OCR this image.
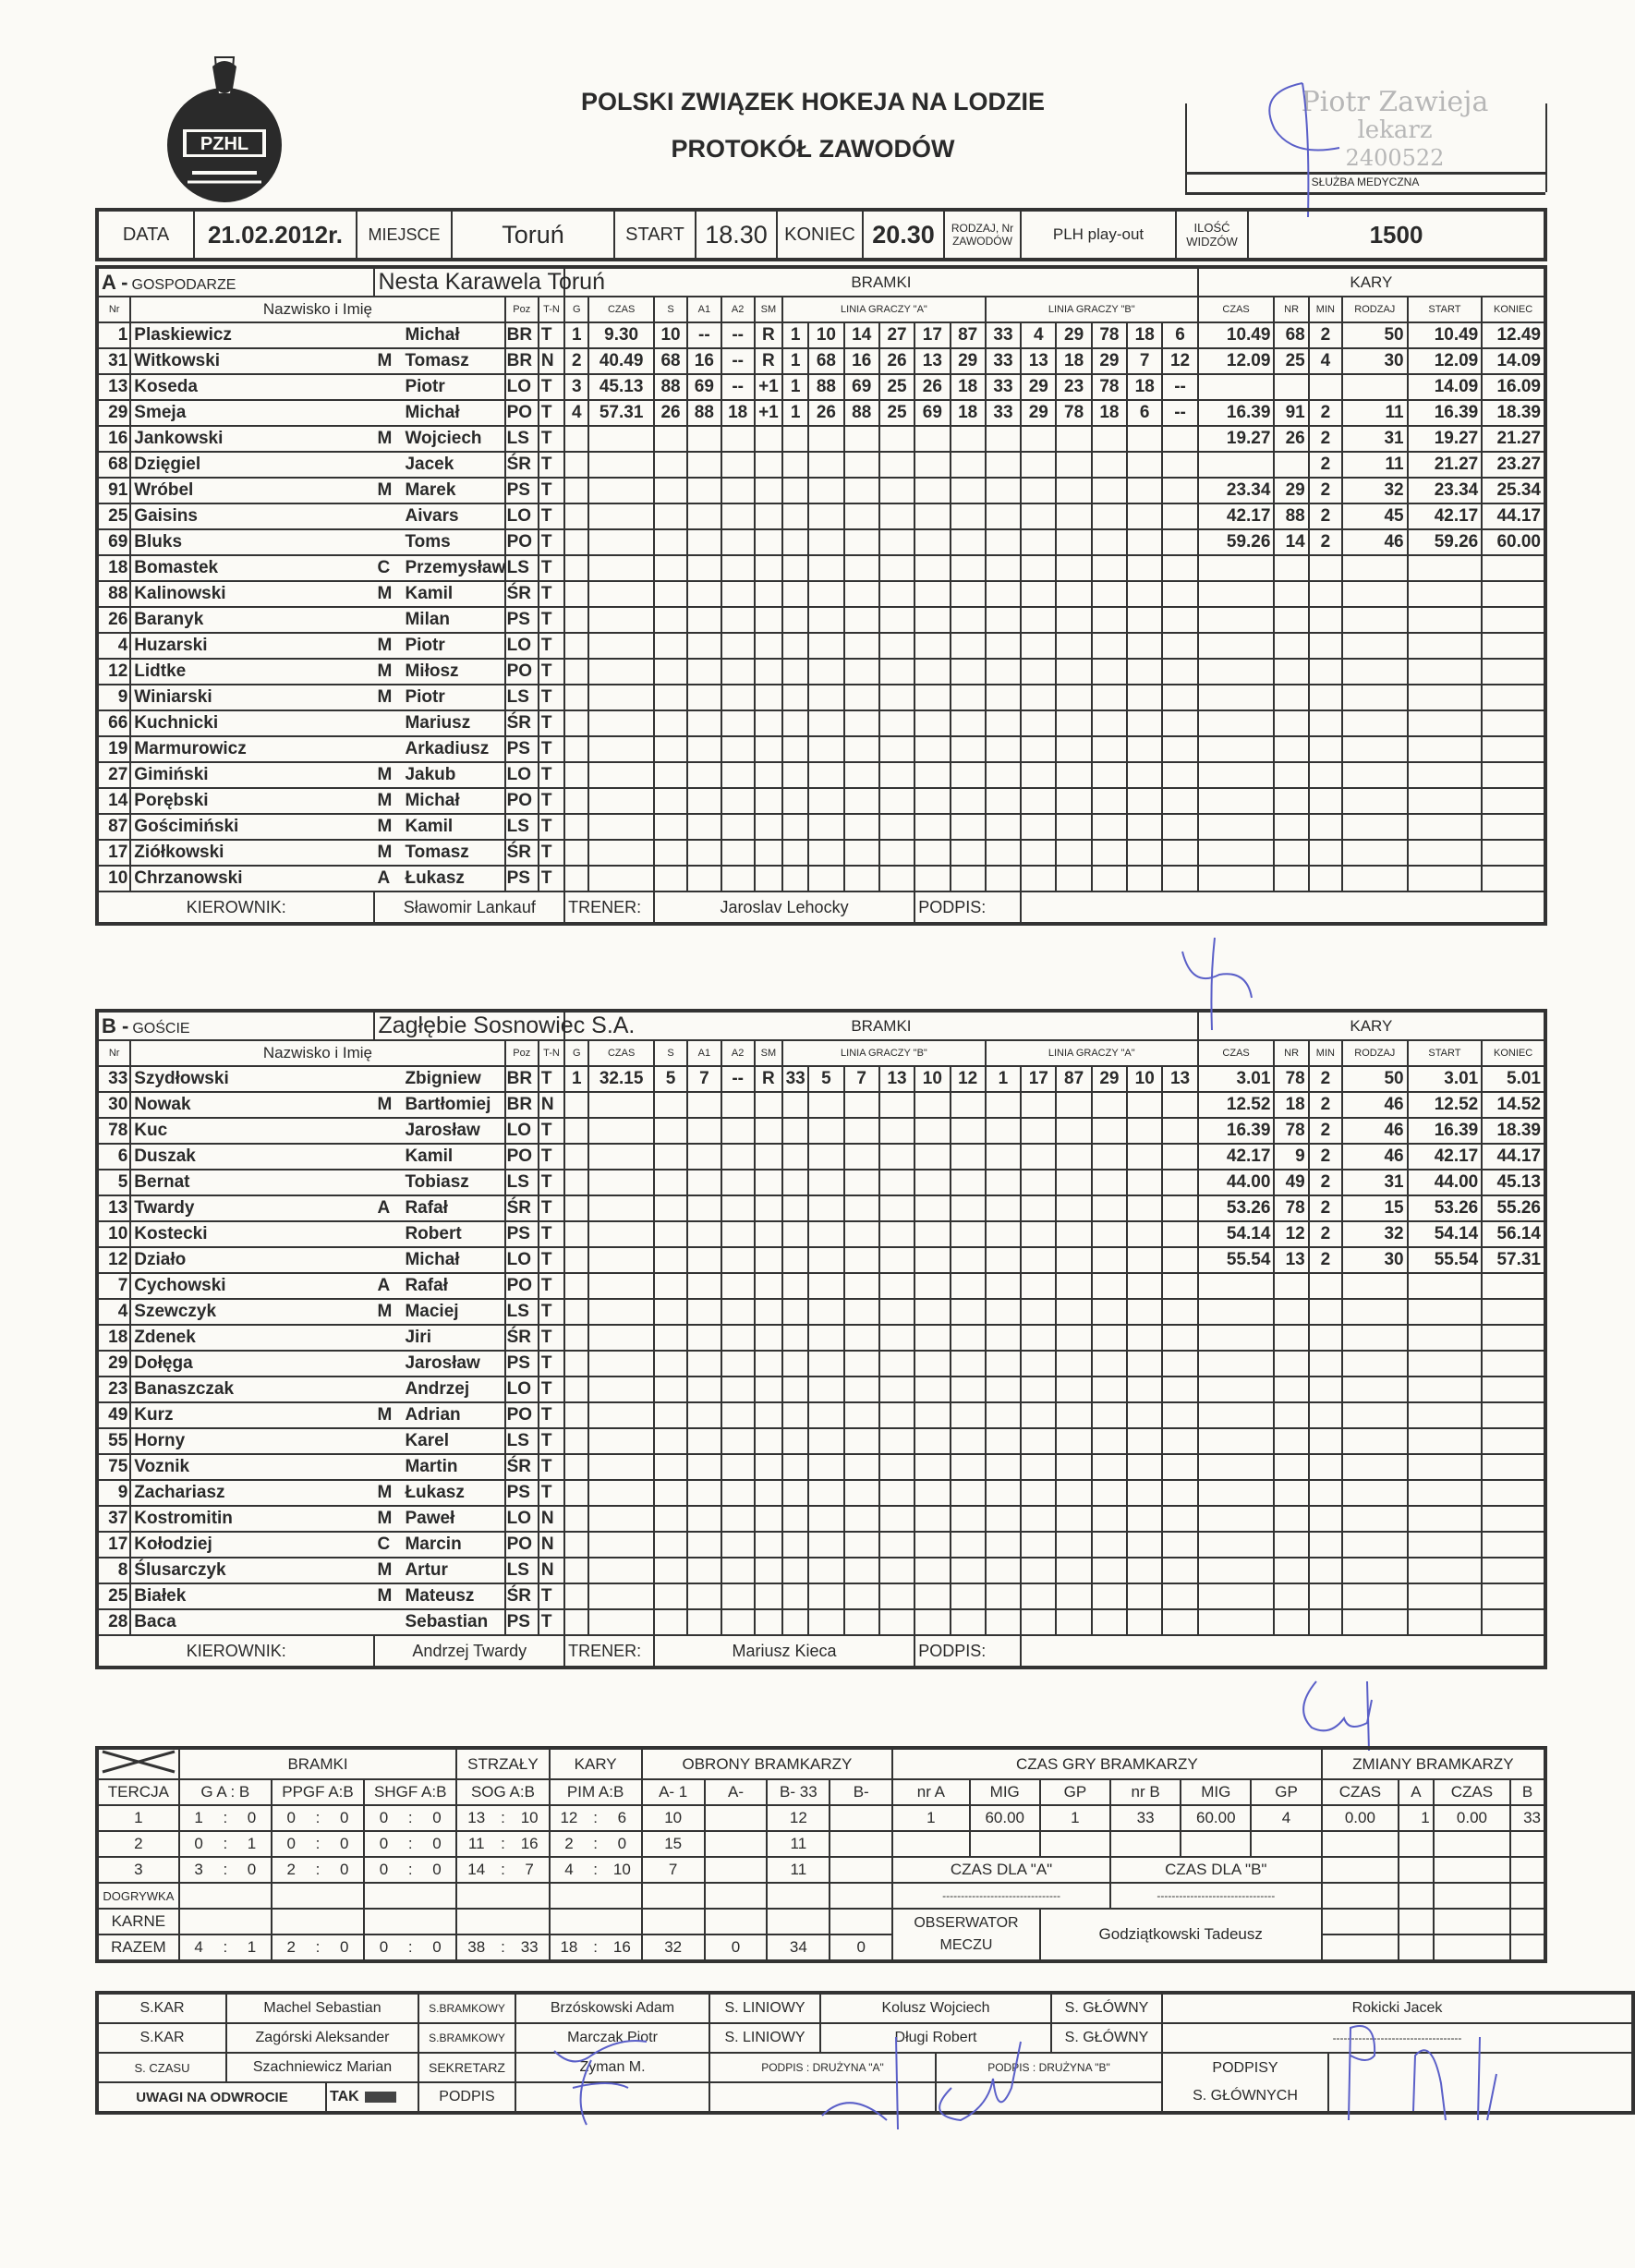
PZHL
POLSKI ZWIĄZEK HOKEJA NA LODZIE
PROTOKÓŁ ZAWODÓW
Piotr Zawieja
lekarz
2400522
SŁUŻBA MEDYCZNA
DATA	21.02.2012r.	MIEJSCE	Toruń	START	18.30	KONIEC	20.30	RODZAJ, Nr ZAWODÓW	PLH play-out	ILOŚĆ WIDZÓW	1500
A - GOSPODARZE		Nesta Karawela Toruń			BRAMKI																		KARY					
Nr	Nazwisko i Imię		Poz	T-N	G	CZAS	S	A1	A2	SM	LINIA GRACZY "A"						LINIA GRACZY "B"						CZAS	NR	MIN	RODZAJ	START	KONIEC
1	Plaskiewicz	Michał	BR	T	1	9.30	10	--	--	R	1	10	14	27	17	87	33	4	29	78	18	6	10.49	68	2	50	10.49	12.49
31	Witkowski	M Tomasz	BR	N	2	40.49	68	16	--	R	1	68	16	26	13	29	33	13	18	29	7	12	12.09	25	4	30	12.09	14.09
13	Koseda	Piotr	LO	T	3	45.13	88	69	--	+1	1	88	69	25	26	18	33	29	23	78	18	--					14.09	16.09
29	Smeja	Michał	PO	T	4	57.31	26	88	18	+1	1	26	88	25	69	18	33	29	78	18	6	--	16.39	91	2	11	16.39	18.39
16	Jankowski	M Wojciech	LS	T																			19.27	26	2	31	19.27	21.27
68	Dzięgiel	Jacek	ŚR	T																					2	11	21.27	23.27
91	Wróbel	M Marek	PS	T																			23.34	29	2	32	23.34	25.34
25	Gaisins	Aivars	LO	T																			42.17	88	2	45	42.17	44.17
69	Bluks	Toms	PO	T																			59.26	14	2	46	59.26	60.00
18	Bomastek	C Przemysław	LS	T																								
88	Kalinowski	M Kamil	ŚR	T																								
26	Baranyk	Milan	PS	T																								
4	Huzarski	M Piotr	LO	T																								
12	Lidtke	M Miłosz	PO	T																								
9	Winiarski	M Piotr	LS	T																								
66	Kuchnicki	Mariusz	ŚR	T																								
19	Marmurowicz	Arkadiusz	PS	T																								
27	Gimiński	M Jakub	LO	T																								
14	Porębski	M Michał	PO	T																								
87	Gościmiński	M Kamil	LS	T																								
17	Ziółkowski	M Tomasz	ŚR	T																								
10	Chrzanowski	A Łukasz	PS	T																								
KIEROWNIK:		Sławomir Lankauf			TRENER:		Jaroslav Lehocky								PODPIS:													
B - GOŚCIE		Zagłębie Sosnowiec S.A.			BRAMKI																		KARY					
Nr	Nazwisko i Imię		Poz	T-N	G	CZAS	S	A1	A2	SM	LINIA GRACZY "B"						LINIA GRACZY "A"						CZAS	NR	MIN	RODZAJ	START	KONIEC
33	Szydłowski	Zbigniew	BR	T	1	32.15	5	7	--	R	33	5	7	13	10	12	1	17	87	29	10	13	3.01	78	2	50	3.01	5.01
30	Nowak	M Bartłomiej	BR	N																			12.52	18	2	46	12.52	14.52
78	Kuc	Jarosław	LO	T																			16.39	78	2	46	16.39	18.39
6	Duszak	Kamil	PO	T																			42.17	9	2	46	42.17	44.17
5	Bernat	Tobiasz	LS	T																			44.00	49	2	31	44.00	45.13
13	Twardy	A Rafał	ŚR	T																			53.26	78	2	15	53.26	55.26
10	Kostecki	Robert	PS	T																			54.14	12	2	32	54.14	56.14
12	Działo	Michał	LO	T																			55.54	13	2	30	55.54	57.31
7	Cychowski	A Rafał	PO	T																								
4	Szewczyk	M Maciej	LS	T																								
18	Zdenek	Jiri	ŚR	T																								
29	Dołęga	Jarosław	PS	T																								
23	Banaszczak	Andrzej	LO	T																								
49	Kurz	M Adrian	PO	T																								
55	Horny	Karel	LS	T																								
75	Voznik	Martin	ŚR	T																								
9	Zachariasz	M Łukasz	PS	T																								
37	Kostromitin	M Paweł	LO	N																								
17	Kołodziej	C Marcin	PO	N																								
8	Ślusarczyk	M Artur	LS	N																								
25	Białek	M Mateusz	ŚR	T																								
28	Baca	Sebastian	PS	T																								
KIEROWNIK:		Andrzej Twardy			TRENER:		Mariusz Kieca								PODPIS:													
	BRAMKI									STRZAŁY			KARY			OBRONY BRAMKARZY				CZAS GRY BRAMKARZY						ZMIANY BRAMKARZY			
TERCJA	G A : B			PPGF A:B			SHGF A:B			SOG A:B			PIM A:B			A- 1	A-	B- 33	B-	nr A	MIG	GP	nr B	MIG	GP	CZAS	A	CZAS	B
1	1	:	0	0	:	0	0	:	0	13	:	10	12	:	6	10		12		1	60.00	1	33	60.00	4	0.00	1	0.00	33
2	0	:	1	0	:	0	0	:	0	11	:	16	2	:	0	15		11											
3	3	:	0	2	:	0	0	:	0	14	:	7	4	:	10	7		11		CZAS DLA "A"			CZAS DLA "B"						
DOGRYWKA																				--------------------------------			--------------------------------						
KARNE																				OBSERWATOR MECZU		Godziątkowski Tadeusz							
RAZEM	4	:	1	2	:	0	0	:	0	38	:	33	18	:	16	32	0	34	0										
S.KAR	Machel Sebastian		S.BRAMKOWY	Brzóskowski Adam	S. LINIOWY	Kolusz Wojciech		S. GŁÓWNY	Rokicki Jacek	
S.KAR	Zagórski Aleksander		S.BRAMKOWY	Marczak Piotr	S. LINIOWY	Długi Robert		S. GŁÓWNY	-----------------------------------	
S. CZASU	Szachniewicz Marian		SEKRETARZ	Zyman M.	PODPIS : DRUŻYNA "A"		PODPIS : DRUŻYNA "B"		PODPISY
S. GŁÓWNYCH	

UWAGI NA ODWROCIE		TAK	PODPIS							
